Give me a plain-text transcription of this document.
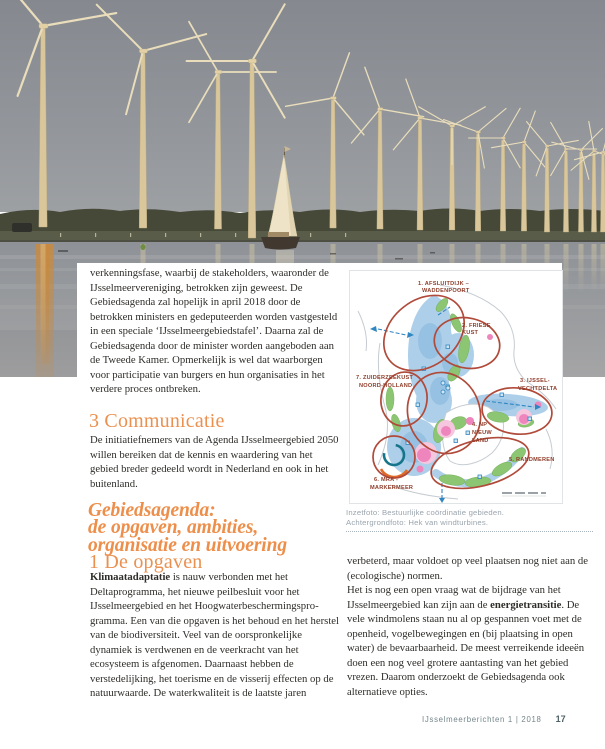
verkenningsfase, waarbij de stakeholders, waaronder de IJsselmeervereniging, betrokken zijn geweest. De Gebiedsagenda zal hopelijk in april 2018 door de betrokken ministers en gedeputeerden worden vastgesteld in een speciale ‘IJsselmeergebiedstafel’. Daarna zal de Gebiedsagenda door de minister worden aangeboden aan de Tweede Kamer. Opmerkelijk is wel dat waarborgen voor participatie van burgers en hun organisaties in het verdere proces ontbreken.

3 Communicatie

De initiatiefnemers van de Agenda IJsselmeergebied 2050 willen bereiken dat de kennis en waardering van het gebied breder gedeeld wordt in Nederland en ook in het buitenland.

Gebiedsagenda:
de opgaven, ambities,
organisatie en uitvoering
1 De opgaven

Klimaatadaptatie is nauw verbonden met het Deltaprogramma, het nieuwe peilbesluit voor het IJsselmeergebied en het Hoogwaterbeschermingsprogramma. Een van die opgaven is het behoud en het herstel van de biodiversiteit. Veel van de oorspronkelijke dynamiek is verdwenen en de veerkracht van het ecosysteem is afgenomen. Daarnaast hebben de verstedelijking, het toerisme en de visserij effecten op de natuurwaarde. De waterkwaliteit is de laatste jaren

1. AFSLUITDIJK –
WADDENPOORT
2. FRIESE
KUST
3. IJSSEL-
VECHTDELTA
4. NP
NIEUW
LAND
5. RANDMEREN
6. MRA -
MARKERMEER
7. ZUIDERZEEKUST
NOORD-HOLLAND
Inzetfoto: Bestuurlijke coördinatie gebieden.
Achtergrondfoto: Hek van windturbines.

verbeterd, maar voldoet op veel plaatsen nog niet aan de (ecologische) normen.
Het is nog een open vraag wat de bijdrage van het IJsselmeergebied kan zijn aan de energietransitie. De vele windmolens staan nu al op gespannen voet met de openheid, vogelbewegingen en (bij plaatsing in open water) de bevaarbaarheid. De meest verreikende ideeën doen een nog veel grotere aantasting van het gebied vrezen. Daarom onderzoekt de Gebiedsagenda ook alternatieve opties.

IJsselmeerberichten 1 | 2018 17
